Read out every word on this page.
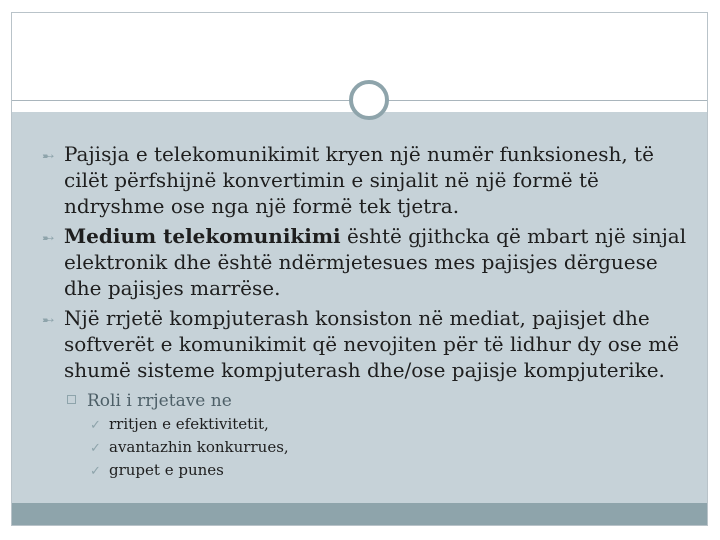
➸ Pajisja e telekomunikimit kryen një numër funksionesh, të cilët përfshijnë konvertimin e sinjalit në një formë të ndryshme ose nga një formë tek tjetra.
➸ Medium telekomunikimi është gjithcka që mbart një sinjal elektronik dhe është ndërmjetesues mes pajisjes dërguese dhe pajisjes marrëse.
➸ Një rrjetë kompjuterash konsiston në mediat, pajisjet dhe softverët e komunikimit që nevojiten për të lidhur dy ose më shumë sisteme kompjuterash dhe/ose pajisje kompjuterike.
Roli i rrjetave ne
✓ rritjen e efektivitetit,
✓ avantazhin konkurrues,
✓ grupet e punes
